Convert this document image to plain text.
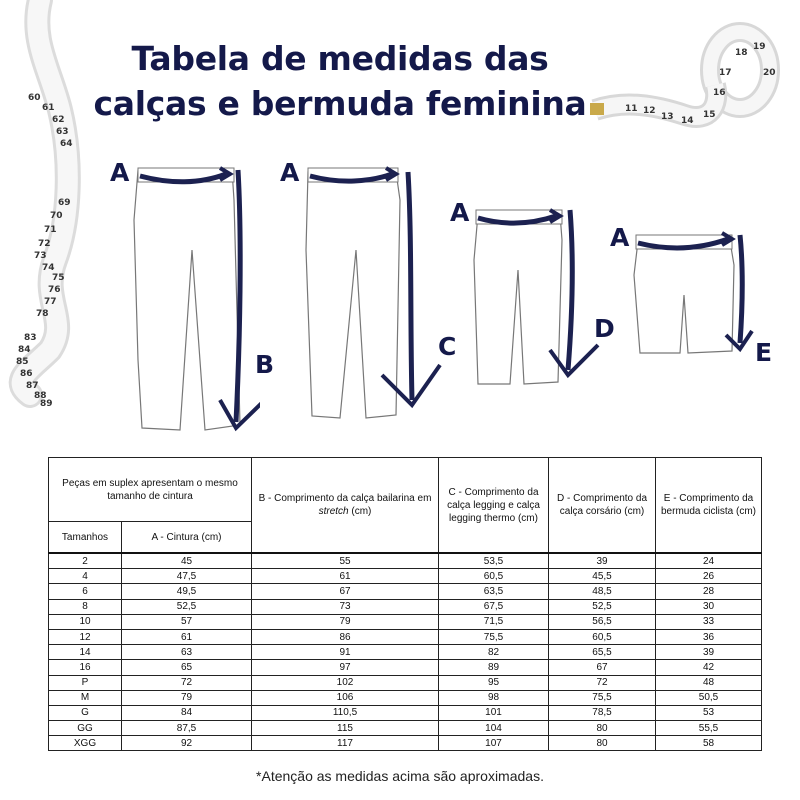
Tabela de medidas das
calças e bermuda feminina
60
61
62
63
64
69
70
71
72
73
74
75
76
77
78
83
84
85
86
87
88
89
11 12
13 14
15
16
17
18
19
20
A
B
A
C
A
D
A
E
Peças em suplex apresentam o mesmo tamanho de cintura		B - Comprimento da calça bailarina em stretch (cm)	C - Comprimento da calça legging e calça legging thermo (cm)	D - Comprimento da calça corsário (cm)	E - Comprimento da bermuda ciclista (cm)
Tamanhos	A - Cintura (cm)				
2	45	55	53,5	39	24
4	47,5	61	60,5	45,5	26
6	49,5	67	63,5	48,5	28
8	52,5	73	67,5	52,5	30
10	57	79	71,5	56,5	33
12	61	86	75,5	60,5	36
14	63	91	82	65,5	39
16	65	97	89	67	42
P	72	102	95	72	48
M	79	106	98	75,5	50,5
G	84	110,5	101	78,5	53
GG	87,5	115	104	80	55,5
XGG	92	117	107	80	58

*Atenção as medidas acima são aproximadas.
